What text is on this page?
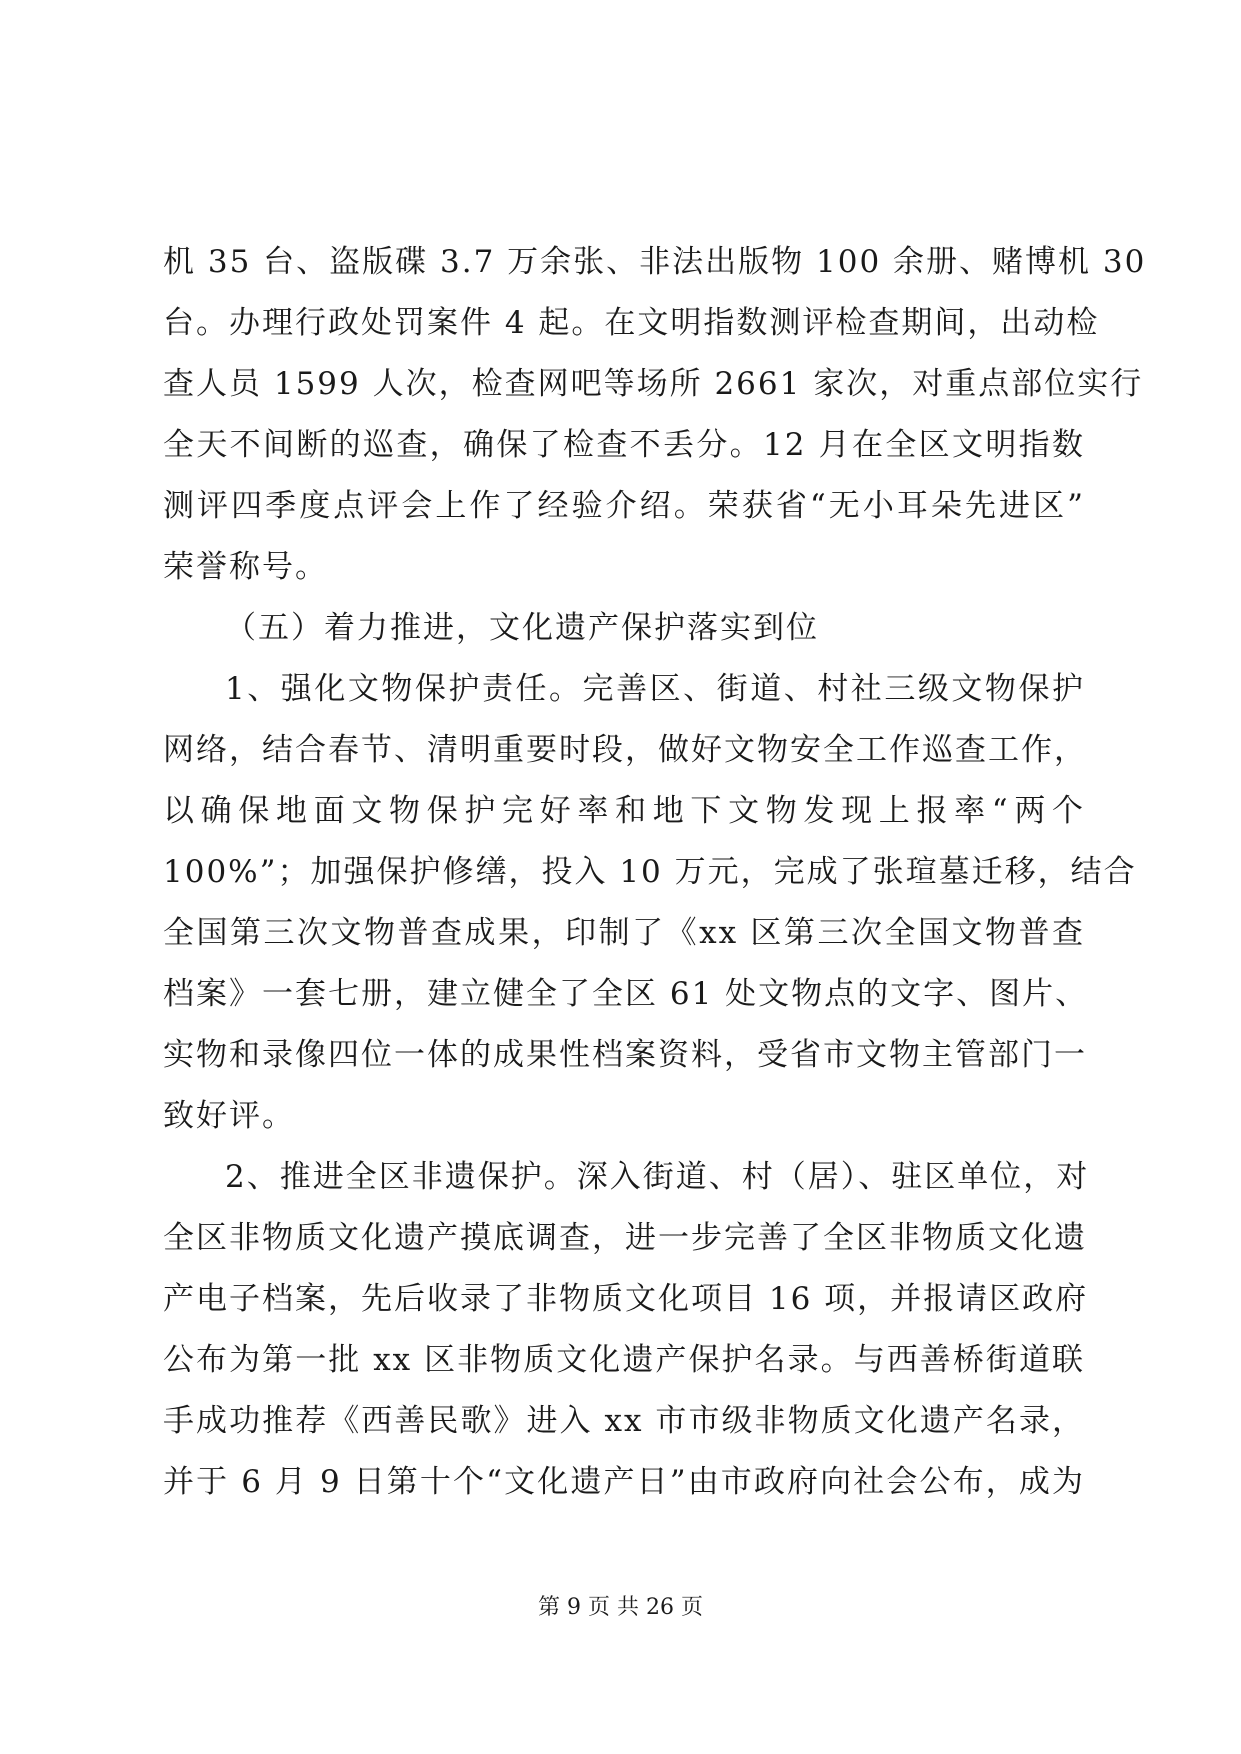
机 35 台、盗版碟 3.7 万余张、非法出版物 100 余册、赌博机 30
台。办理行政处罚案件 4 起。在文明指数测评检查期间，出动检
查人员 1599 人次，检查网吧等场所 2661 家次，对重点部位实行
全天不间断的巡查，确保了检查不丢分。12 月在全区文明指数
测评四季度点评会上作了经验介绍。荣获省“无小耳朵先进区”
荣誉称号。
（五）着力推进，文化遗产保护落实到位
1、强化文物保护责任。完善区、街道、村社三级文物保护
网络，结合春节、清明重要时段，做好文物安全工作巡查工作，
以确保地面文物保护完好率和地下文物发现上报率“两个
100%”；加强保护修缮，投入 10 万元，完成了张瑄墓迁移，结合
全国第三次文物普查成果，印制了《xx 区第三次全国文物普查
档案》一套七册，建立健全了全区 61 处文物点的文字、图片、
实物和录像四位一体的成果性档案资料，受省市文物主管部门一
致好评。
2、推进全区非遗保护。深入街道、村（居）、驻区单位，对
全区非物质文化遗产摸底调查，进一步完善了全区非物质文化遗
产电子档案，先后收录了非物质文化项目 16 项，并报请区政府
公布为第一批 xx 区非物质文化遗产保护名录。与西善桥街道联
手成功推荐《西善民歌》进入 xx 市市级非物质文化遗产名录，
并于 6 月 9 日第十个“文化遗产日”由市政府向社会公布，成为
第 9 页 共 26 页
